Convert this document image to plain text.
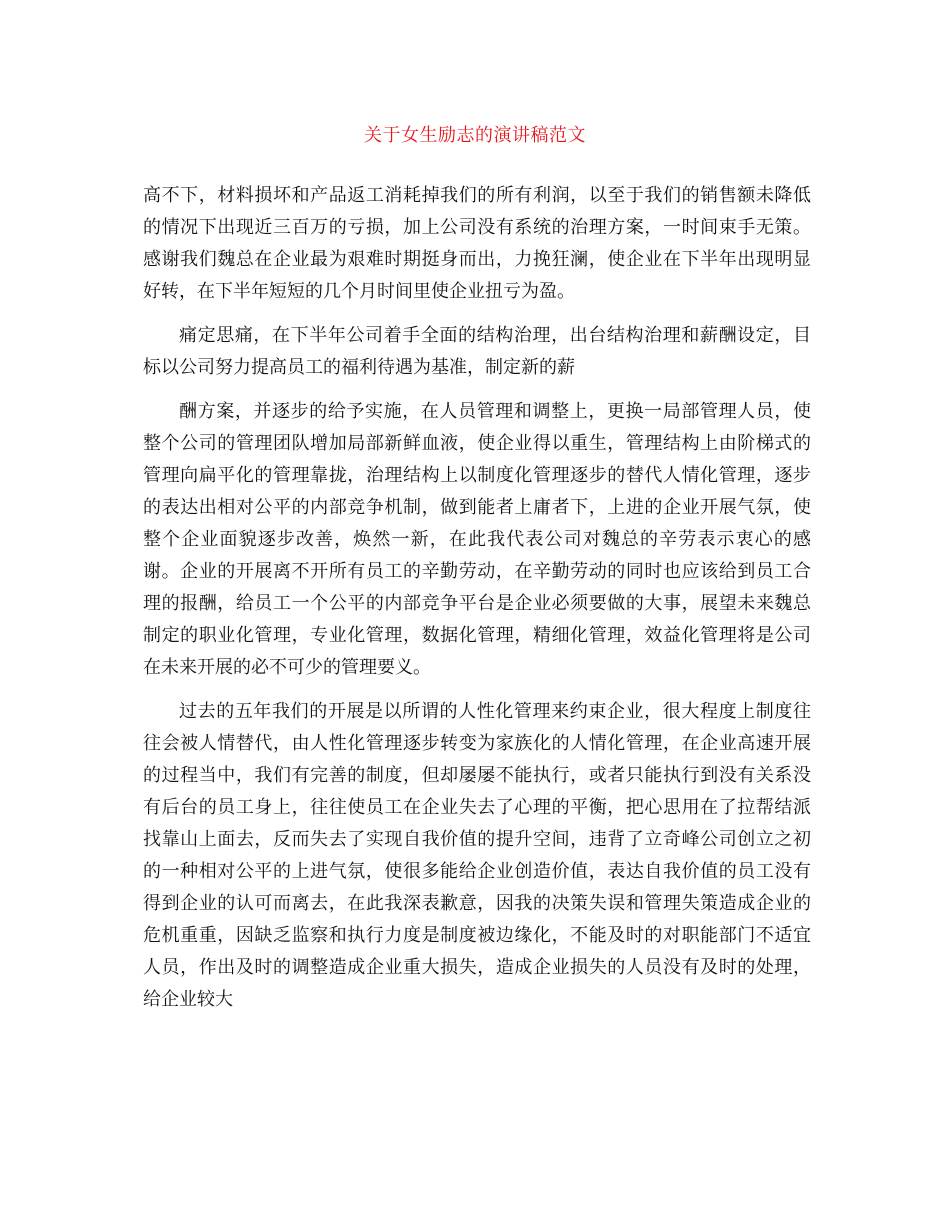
关于女生励志的演讲稿范文
高不下，材料损坏和产品返工消耗掉我们的所有利润，以至于我们的销售额未降低
的情况下出现近三百万的亏损，加上公司没有系统的治理方案，一时间束手无策。
感谢我们魏总在企业最为艰难时期挺身而出，力挽狂澜，使企业在下半年出现明显
好转，在下半年短短的几个月时间里使企业扭亏为盈。
痛定思痛，在下半年公司着手全面的结构治理，出台结构治理和薪酬设定，目
标以公司努力提高员工的福利待遇为基准，制定新的薪
酬方案，并逐步的给予实施，在人员管理和调整上，更换一局部管理人员，使
整个公司的管理团队增加局部新鲜血液，使企业得以重生，管理结构上由阶梯式的
管理向扁平化的管理靠拢，治理结构上以制度化管理逐步的替代人情化管理，逐步
的表达出相对公平的内部竞争机制，做到能者上庸者下，上进的企业开展气氛，使
整个企业面貌逐步改善，焕然一新，在此我代表公司对魏总的辛劳表示衷心的感
谢。企业的开展离不开所有员工的辛勤劳动，在辛勤劳动的同时也应该给到员工合
理的报酬，给员工一个公平的内部竞争平台是企业必须要做的大事，展望未来魏总
制定的职业化管理，专业化管理，数据化管理，精细化管理，效益化管理将是公司
在未来开展的必不可少的管理要义。
过去的五年我们的开展是以所谓的人性化管理来约束企业，很大程度上制度往
往会被人情替代，由人性化管理逐步转变为家族化的人情化管理，在企业高速开展
的过程当中，我们有完善的制度，但却屡屡不能执行，或者只能执行到没有关系没
有后台的员工身上，往往使员工在企业失去了心理的平衡，把心思用在了拉帮结派
找靠山上面去，反而失去了实现自我价值的提升空间，违背了立奇峰公司创立之初
的一种相对公平的上进气氛，使很多能给企业创造价值，表达自我价值的员工没有
得到企业的认可而离去，在此我深表歉意，因我的决策失误和管理失策造成企业的
危机重重，因缺乏监察和执行力度是制度被边缘化，不能及时的对职能部门不适宜
人员，作出及时的调整造成企业重大损失，造成企业损失的人员没有及时的处理，
给企业较大
